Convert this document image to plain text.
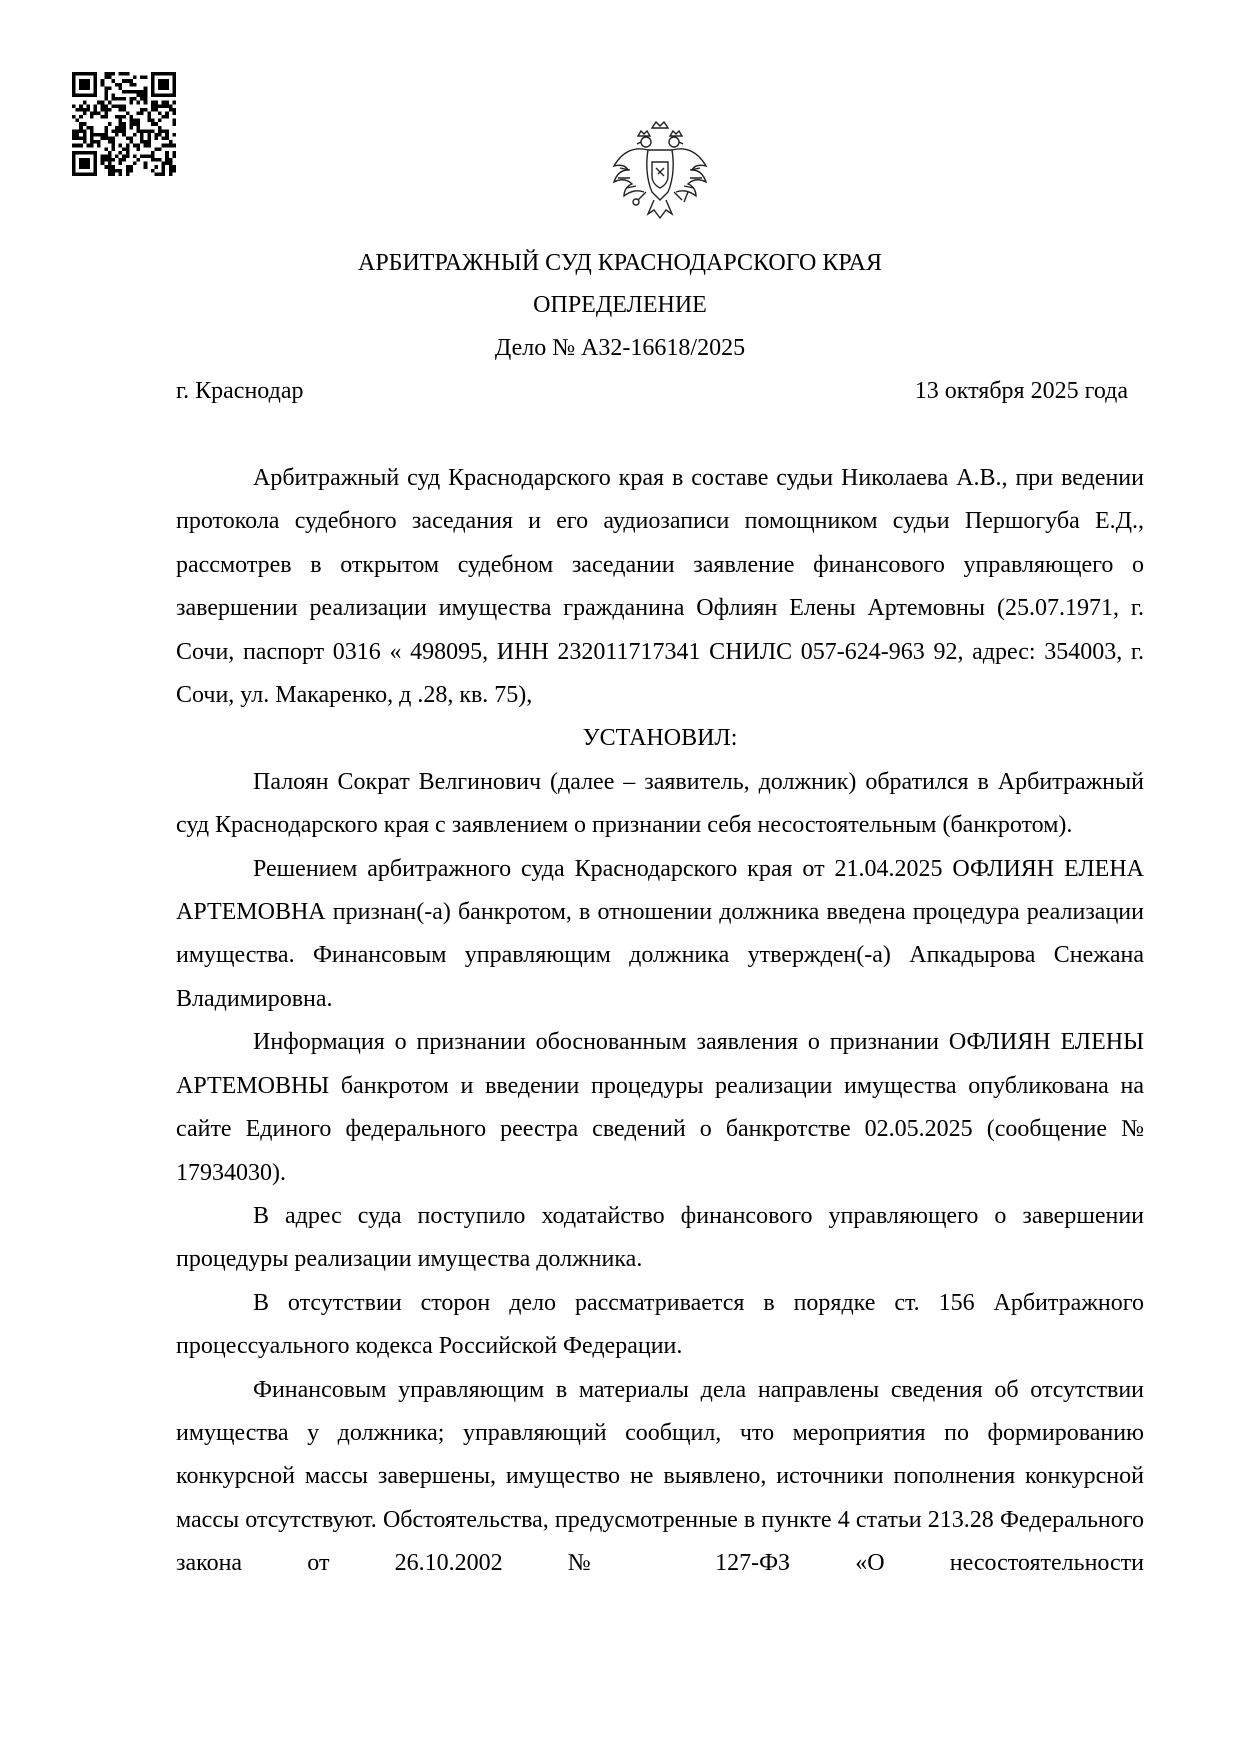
АРБИТРАЖНЫЙ СУД КРАСНОДАРСКОГО КРАЯ
ОПРЕДЕЛЕНИЕ
Дело № А32-16618/2025
г. Краснодар	13 октября 2025 года

Арбитражный суд Краснодарского края в составе судьи Николаева А.В., при ведении протокола судебного заседания и его аудиозаписи помощником судьи Першогуба Е.Д., рассмотрев в открытом судебном заседании заявление финансового управляющего о завершении реализации имущества гражданина Офлиян Елены Артемовны (25.07.1971, г. Сочи, паспорт 0316 « 498095, ИНН 232011717341 СНИЛС 057-624-963 92, адрес: 354003, г. Сочи, ул. Макаренко, д .28, кв. 75),

УСТАНОВИЛ:

Палоян Сократ Велгинович (далее – заявитель, должник) обратился в Арбитражный суд Краснодарского края с заявлением о признании себя несостоятельным (банкротом).

Решением арбитражного суда Краснодарского края от 21.04.2025 ОФЛИЯН ЕЛЕНА АРТЕМОВНА признан(-а) банкротом, в отношении должника введена процедура реализации имущества. Финансовым управляющим должника утвержден(-а) Апкадырова Снежана Владимировна.

Информация о признании обоснованным заявления о признании ОФЛИЯН ЕЛЕНЫ АРТЕМОВНЫ банкротом и введении процедуры реализации имущества опубликована на сайте Единого федерального реестра сведений о банкротстве 02.05.2025 (сообщение № 17934030).

В адрес суда поступило ходатайство финансового управляющего о завершении процедуры реализации имущества должника.

В отсутствии сторон дело рассматривается в порядке ст. 156 Арбитражного процессуального кодекса Российской Федерации.

Финансовым управляющим в материалы дела направлены сведения об отсутствии имущества у должника; управляющий сообщил, что мероприятия по формированию конкурсной массы завершены, имущество не выявлено, источники пополнения конкурсной массы отсутствуют. Обстоятельства, предусмотренные в пункте 4 статьи 213.28 Федерального закона от 26.10.2002 № 127-ФЗ «О несостоятельности
